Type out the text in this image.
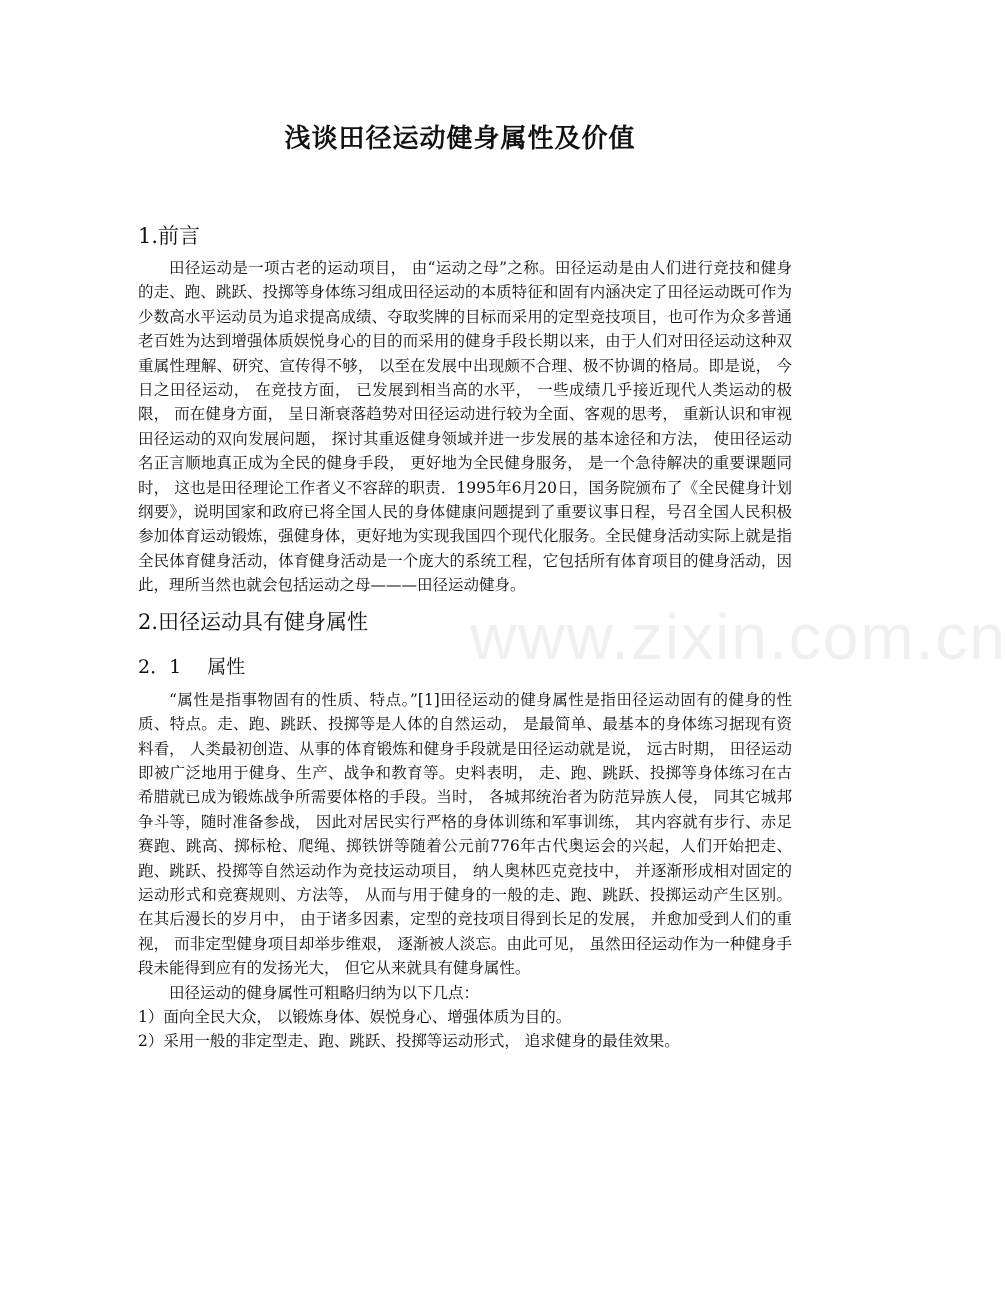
www.zixin.com.cn
浅谈田径运动健身属性及价值
1.前言

田径运动是一项古老的运动项目， 由“运动之母”之称。田径运动是由人们进行竞技和健身的走、跑、跳跃、投掷等身体练习组成田径运动的本质特征和固有内涵决定了田径运动既可作为少数高水平运动员为追求提高成绩、夺取奖牌的目标而采用的定型竞技项目，也可作为众多普通老百姓为达到增强体质娱悦身心的目的而采用的健身手段长期以来，由于人们对田径运动这种双重属性理解、研究、宣传得不够， 以至在发展中出现颇不合理、极不协调的格局。即是说， 今日之田径运动， 在竞技方面， 已发展到相当高的水平， 一些成绩几乎接近现代人类运动的极限， 而在健身方面， 呈日渐衰落趋势对田径运动进行较为全面、客观的思考， 重新认识和审视田径运动的双向发展问题， 探讨其重返健身领域并进一步发展的基本途径和方法， 使田径运动名正言顺地真正成为全民的健身手段， 更好地为全民健身服务， 是一个急待解决的重要课题同时， 这也是田径理论工作者义不容辞的职责．1995年6月20日，国务院颁布了《全民健身计划纲要》，说明国家和政府已将全国人民的身体健康问题提到了重要议事日程，号召全国人民积极参加体育运动锻炼，强健身体，更好地为实现我国四个现代化服务。全民健身活动实际上就是指全民体育健身活动，体育健身活动是一个庞大的系统工程，它包括所有体育项目的健身活动，因此，理所当然也就会包括运动之母———田径运动健身。

2.田径运动具有健身属性
2．1 属性

“属性是指事物固有的性质、特点。”[1]田径运动的健身属性是指田径运动固有的健身的性质、特点。走、跑、跳跃、投掷等是人体的自然运动， 是最简单、最基本的身体练习据现有资料看， 人类最初创造、从事的体育锻炼和健身手段就是田径运动就是说， 远古时期， 田径运动即被广泛地用于健身、生产、战争和教育等。史料表明， 走、跑、跳跃、投掷等身体练习在古希腊就已成为锻炼战争所需要体格的手段。当时， 各城邦统治者为防范异族人侵， 同其它城邦争斗等，随时准备参战， 因此对居民实行严格的身体训练和军事训练， 其内容就有步行、赤足赛跑、跳高、掷标枪、爬绳、掷铁饼等随着公元前776年古代奥运会的兴起，人们开始把走、跑、跳跃、投掷等自然运动作为竞技运动项目， 纳人奥林匹克竞技中， 并逐渐形成相对固定的运动形式和竞赛规则、方法等， 从而与用于健身的一般的走、跑、跳跃、投掷运动产生区别。在其后漫长的岁月中， 由于诸多因素，定型的竞技项目得到长足的发展， 并愈加受到人们的重视， 而非定型健身项目却举步维艰， 逐渐被人淡忘。由此可见， 虽然田径运动作为一种健身手段未能得到应有的发扬光大， 但它从来就具有健身属性。

田径运动的健身属性可粗略归纳为以下几点：

1）面向全民大众， 以锻炼身体、娱悦身心、增强体质为目的。

2）采用一般的非定型走、跑、跳跃、投掷等运动形式， 追求健身的最佳效果。
